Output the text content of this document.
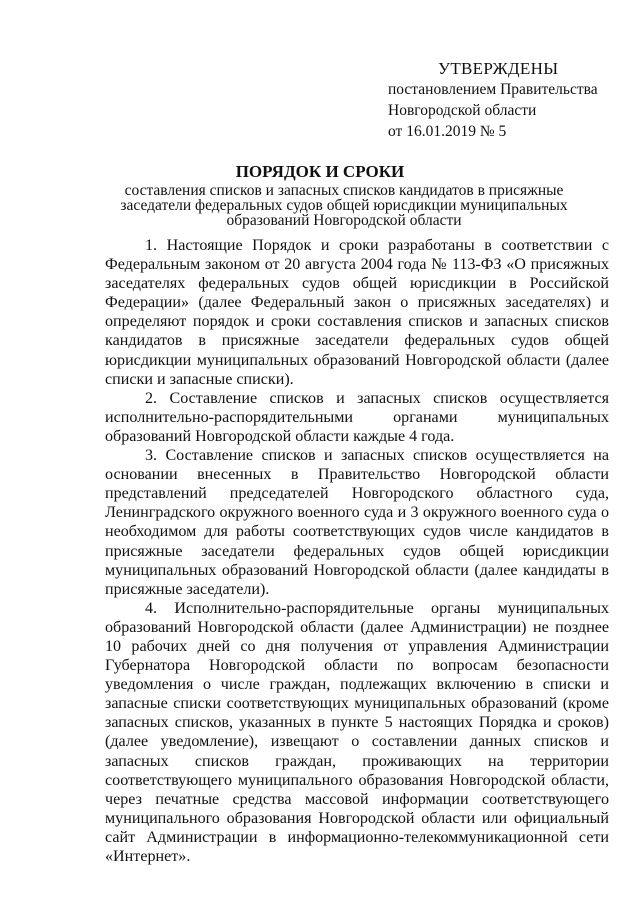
УТВЕРЖДЕНЫ
постановлением Правительства
Новгородской области
от 16.01.2019 № 5
ПОРЯДОК И СРОКИ
составления списков и запасных списков кандидатов в присяжные заседатели федеральных судов общей юрисдикции муниципальных образований Новгородской области

1. Настоящие Порядок и сроки разработаны в соответствии с Федеральным законом от 20 августа 2004 года № 113-ФЗ «О присяжных заседателях федеральных судов общей юрисдикции в Российской Федерации» (далее Федеральный закон о присяжных заседателях) и определяют порядок и сроки составления списков и запасных списков кандидатов в присяжные заседатели федеральных судов общей юрисдикции муниципальных образований Новгородской области (далее списки и запасные списки).

2. Составление списков и запасных списков осуществляется исполнительно-распорядительными органами муниципальных образований Новгородской области каждые 4 года.

3. Составление списков и запасных списков осуществляется на основании внесенных в Правительство Новгородской области представлений председателей Новгородского областного суда, Ленинградского окружного военного суда и 3 окружного военного суда о необходимом для работы соответствующих судов числе кандидатов в присяжные заседатели федеральных судов общей юрисдикции муниципальных образований Новгородской области (далее кандидаты в присяжные заседатели).

4. Исполнительно-распорядительные органы муниципальных образований Новгородской области (далее Администрации) не позднее 10 рабочих дней со дня получения от управления Администрации Губернатора Новгородской области по вопросам безопасности уведомления о числе граждан, подлежащих включению в списки и запасные списки соответствующих муниципальных образований (кроме запасных списков, указанных в пункте 5 настоящих Порядка и сроков) (далее уведомление), извещают о составлении данных списков и запасных списков граждан, проживающих на территории соответствующего муниципального образования Новгородской области, через печатные средства массовой информации соответствующего муниципального образования Новгородской области или официальный сайт Администрации в информационно-телекоммуникационной сети «Интернет».
